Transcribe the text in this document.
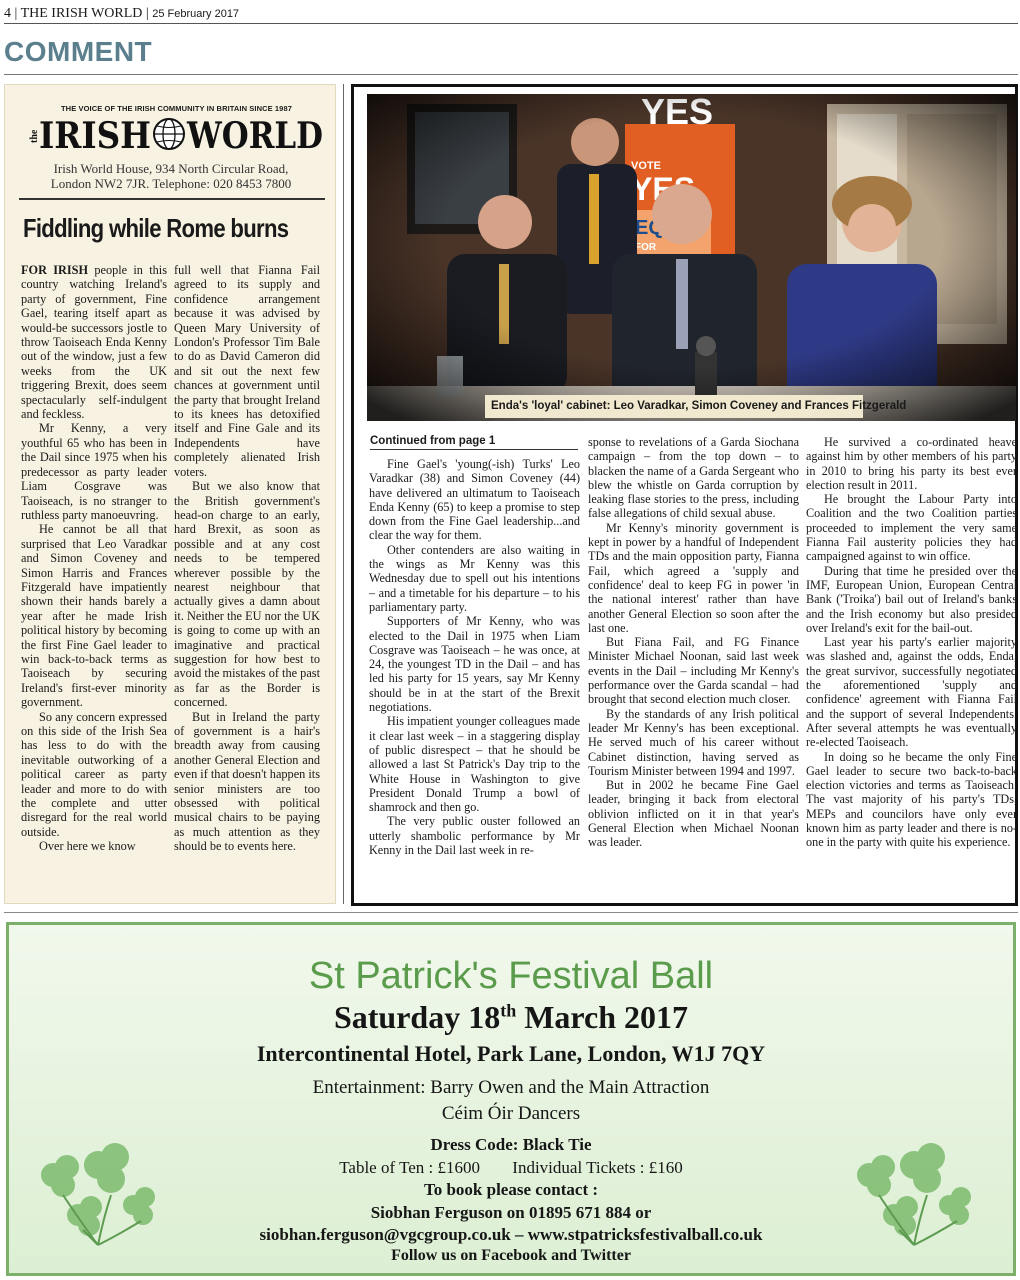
4 | THE IRISH WORLD | 25 February 2017
COMMENT
THE VOICE OF THE IRISH COMMUNITY IN BRITAIN SINCE 1987
the IRISH WORLD
Irish World House, 934 North Circular Road,
London NW2 7JR. Telephone: 020 8453 7800
Fiddling while Rome burns

FOR IRISH people in this country watching Ireland's party of government, Fine Gael, tearing itself apart as would-be successors jostle to throw Taoiseach Enda Kenny out of the window, just a few weeks from the UK triggering Brexit, does seem spectacularly self-indulgent and feckless.

Mr Kenny, a very youthful 65 who has been in the Dail since 1975 when his predecessor as party leader Liam Cosgrave was Taoiseach, is no stranger to ruthless party manoeuvring.

He cannot be all that surprised that Leo Varadkar and Simon Coveney and Simon Harris and Frances Fitzgerald have impatiently shown their hands barely a year after he made Irish political history by becoming the first Fine Gael leader to win back-to-back terms as Taoiseach by securing Ireland's first-ever minority government.

So any concern expressed on this side of the Irish Sea has less to do with the inevitable outworking of a political career as party leader and more to do with the complete and utter disregard for the real world outside.

Over here we know

full well that Fianna Fail agreed to its supply and confidence arrangement because it was advised by Queen Mary University of London's Professor Tim Bale to do as David Cameron did and sit out the next few chances at government until the party that brought Ireland to its knees has detoxified itself and Fine Gale and its Independents have completely alienated Irish voters.

But we also know that the British government's head-on charge to an early, hard Brexit, as soon as possible and at any cost needs to be tempered wherever possible by the nearest neighbour that actually gives a damn about it. Neither the EU nor the UK is going to come up with an imaginative and practical suggestion for how best to avoid the mistakes of the past as far as the Border is concerned.

But in Ireland the party of government is a hair's breadth away from causing another General Election and even if that doesn't happen its senior ministers are too obsessed with political musical chairs to be paying as much attention as they should be to events here.

Enda's 'loyal' cabinet: Leo Varadkar, Simon Coveney and Frances Fitzgerald
Continued from page 1

Fine Gael's 'young(-ish) Turks' Leo Varadkar (38) and Simon Coveney (44) have delivered an ultimatum to Taoiseach Enda Kenny (65) to keep a promise to step down from the Fine Gael leadership...and clear the way for them.

Other contenders are also waiting in the wings as Mr Kenny was this Wednesday due to spell out his intentions – and a timetable for his departure – to his parliamentary party.

Supporters of Mr Kenny, who was elected to the Dail in 1975 when Liam Cosgrave was Taoiseach – he was once, at 24, the youngest TD in the Dail – and has led his party for 15 years, say Mr Kenny should be in at the start of the Brexit negotiations.

His impatient younger colleagues made it clear last week – in a staggering display of public disrespect – that he should be allowed a last St Patrick's Day trip to the White House in Washington to give President Donald Trump a bowl of shamrock and then go.

The very public ouster followed an utterly shambolic performance by Mr Kenny in the Dail last week in re-

sponse to revelations of a Garda Siochana campaign – from the top down – to blacken the name of a Garda Sergeant who blew the whistle on Garda corruption by leaking flase stories to the press, including false allegations of child sexual abuse.

Mr Kenny's minority government is kept in power by a handful of Independent TDs and the main opposition party, Fianna Fail, which agreed a 'supply and confidence' deal to keep FG in power 'in the national interest' rather than have another General Election so soon after the last one.

But Fiana Fail, and FG Finance Minister Michael Noonan, said last week events in the Dail – including Mr Kenny's performance over the Garda scandal – had brought that second election much closer.

By the standards of any Irish political leader Mr Kenny's has been exceptional. He served much of his career without Cabinet distinction, having served as Tourism Minister between 1994 and 1997.

But in 2002 he became Fine Gael leader, bringing it back from electoral oblivion inflicted on it in that year's General Election when Michael Noonan was leader.

He survived a co-ordinated heave against him by other members of his party in 2010 to bring his party its best ever election result in 2011.

He brought the Labour Party into Coalition and the two Coalition parties proceeded to implement the very same Fianna Fail austerity policies they had campaigned against to win office.

During that time he presided over the IMF, European Union, European Central Bank ('Troika') bail out of Ireland's banks and the Irish economy but also presided over Ireland's exit for the bail-out.

Last year his party's earlier majority was slashed and, against the odds, Enda, the great survivor, successfully negotiated the aforementioned 'supply and confidence' agreement with Fianna Fail and the support of several Independents. After several attempts he was eventually re-elected Taoiseach.

In doing so he became the only Fine Gael leader to secure two back-to-back election victories and terms as Taoiseach. The vast majority of his party's TDs, MEPs and councilors have only ever known him as party leader and there is no-one in the party with quite his experience.

St Patrick's Festival Ball
Saturday 18th March 2017
Intercontinental Hotel, Park Lane, London, W1J 7QY
Entertainment: Barry Owen and the Main Attraction
Céim Óir Dancers
Dress Code: Black Tie
Table of Ten : £1600 Individual Tickets : £160
To book please contact :
Siobhan Ferguson on 01895 671 884 or
siobhan.ferguson@vgcgroup.co.uk – www.stpatricksfestivalball.co.uk
Follow us on Facebook and Twitter
